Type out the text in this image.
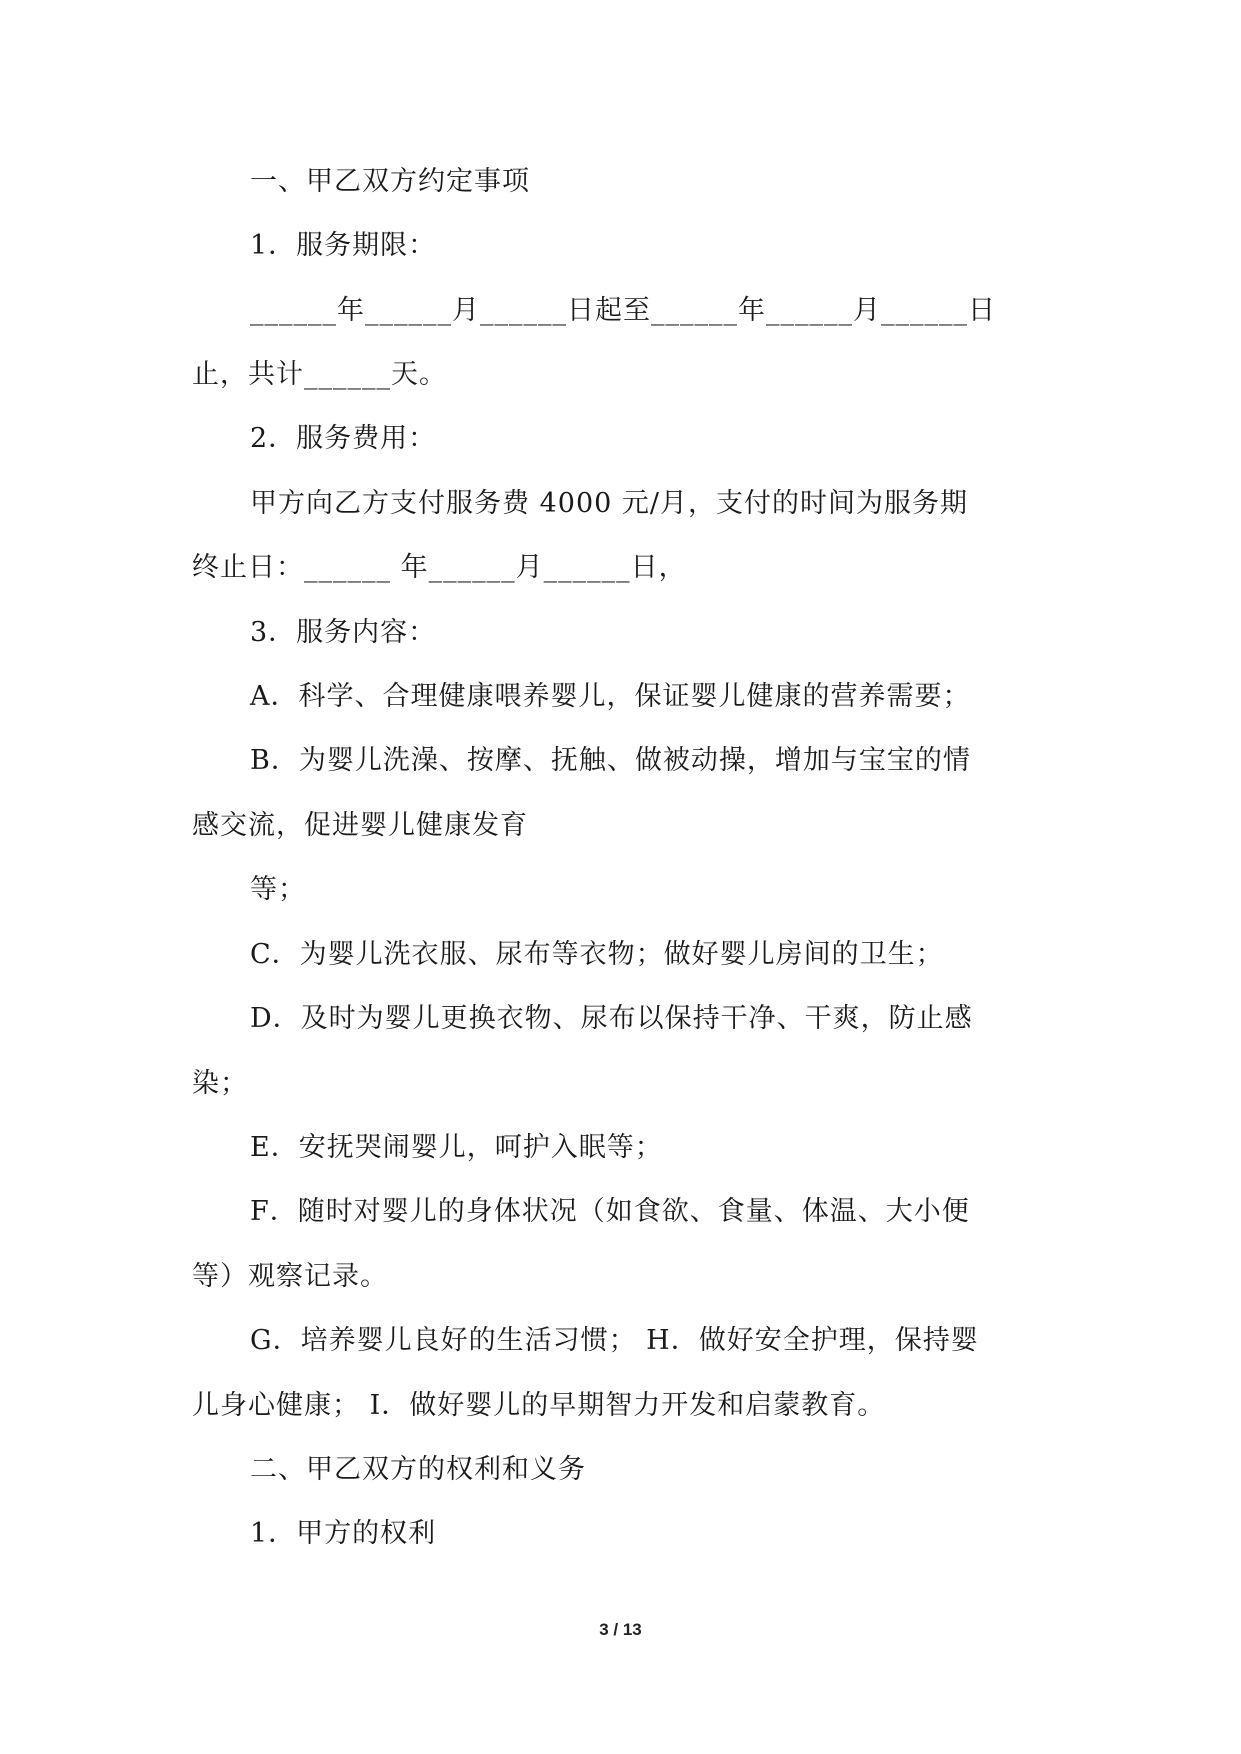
一、甲乙双方约定事项
1．服务期限：
______年______月______日起至______年______月______日
止，共计______天。
2．服务费用：
甲方向乙方支付服务费 4000 元/月，支付的时间为服务期
终止日：______ 年______月______日，
3．服务内容：
A．科学、合理健康喂养婴儿，保证婴儿健康的营养需要；
B．为婴儿洗澡、按摩、抚触、做被动操，增加与宝宝的情
感交流，促进婴儿健康发育
等；
C．为婴儿洗衣服、尿布等衣物；做好婴儿房间的卫生；
D．及时为婴儿更换衣物、尿布以保持干净、干爽，防止感
染；
E．安抚哭闹婴儿，呵护入眠等；
F．随时对婴儿的身体状况（如食欲、食量、体温、大小便
等）观察记录。
G．培养婴儿良好的生活习惯； H．做好安全护理，保持婴
儿身心健康； I．做好婴儿的早期智力开发和启蒙教育。
二、甲乙双方的权利和义务
1．甲方的权利
3 / 13
